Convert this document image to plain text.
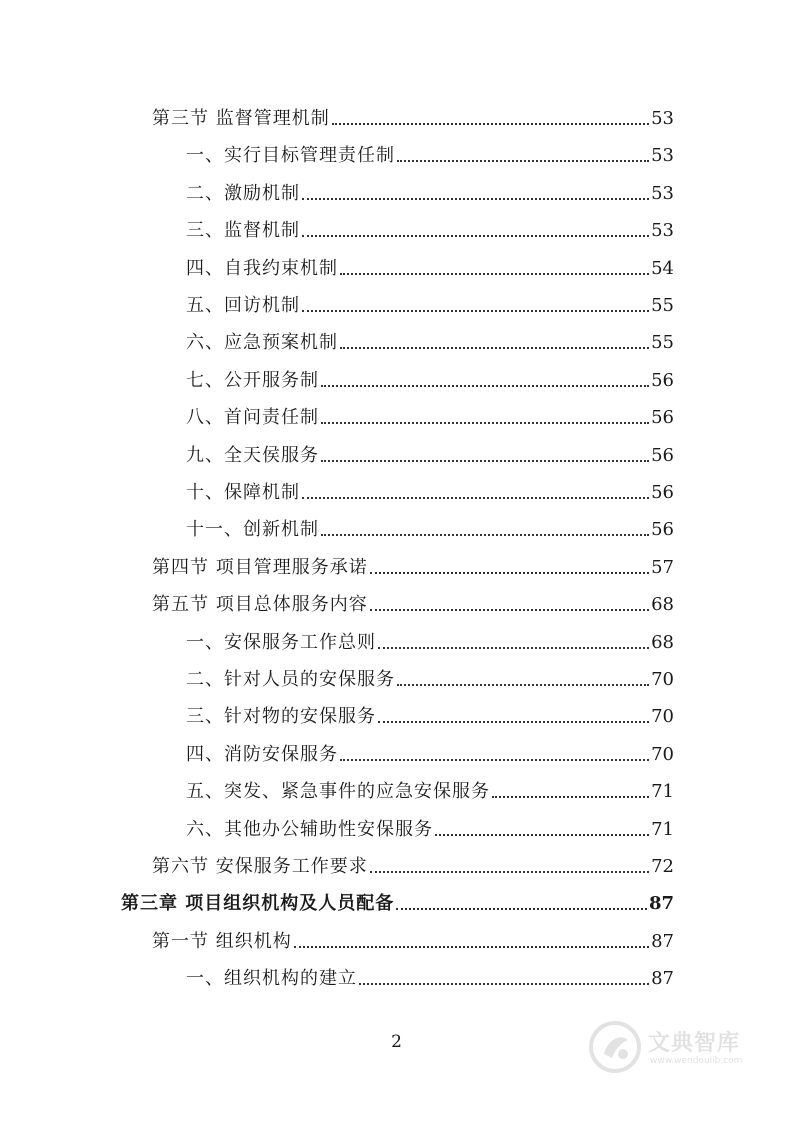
第三节 监督管理机制	53
一、实行目标管理责任制	53
二、激励机制	53
三、监督机制	53
四、自我约束机制	54
五、回访机制	55
六、应急预案机制	55
七、公开服务制	56
八、首问责任制	56
九、全天侯服务	56
十、保障机制	56
十一、创新机制	56
第四节 项目管理服务承诺	57
第五节 项目总体服务内容	68
一、安保服务工作总则	68
二、针对人员的安保服务	70
三、针对物的安保服务	70
四、消防安保服务	70
五、突发、紧急事件的应急安保服务	71
六、其他办公辅助性安保服务	71
第六节 安保服务工作要求	72
第三章 项目组织机构及人员配备	87
第一节 组织机构	87
一、组织机构的建立	87
2	文典智库
www.wendoulib.com
